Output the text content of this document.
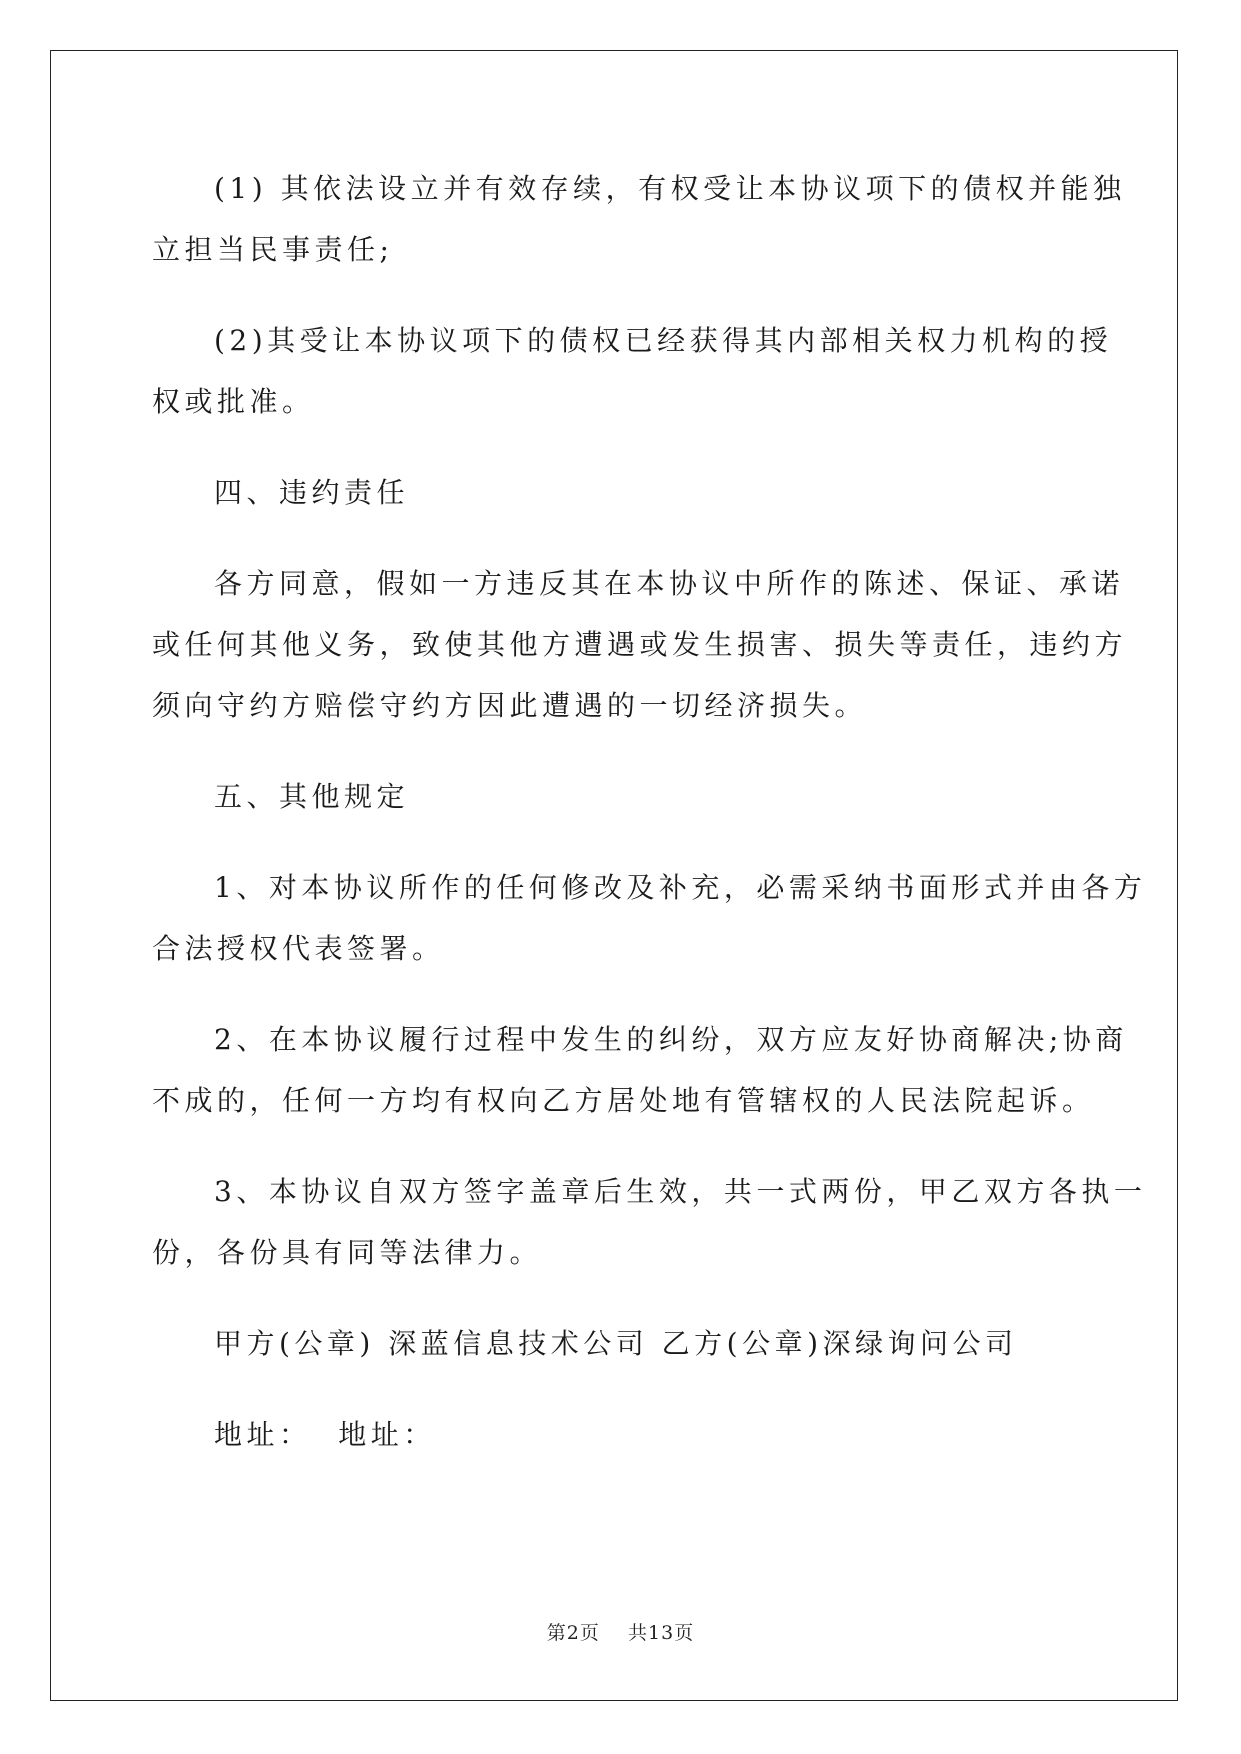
(1) 其依法设立并有效存续，有权受让本协议项下的债权并能独
立担当民事责任;

(2)其受让本协议项下的债权已经获得其内部相关权力机构的授
权或批准。

四、违约责任

各方同意，假如一方违反其在本协议中所作的陈述、保证、承诺
或任何其他义务，致使其他方遭遇或发生损害、损失等责任，违约方
须向守约方赔偿守约方因此遭遇的一切经济损失。

五、其他规定

1、对本协议所作的任何修改及补充，必需采纳书面形式并由各方
合法授权代表签署。

2、在本协议履行过程中发生的纠纷，双方应友好协商解决;协商
不成的，任何一方均有权向乙方居处地有管辖权的人民法院起诉。

3、本协议自双方签字盖章后生效，共一式两份，甲乙双方各执一
份，各份具有同等法律力。

甲方(公章) 深蓝信息技术公司 乙方(公章)深绿询问公司

地址：  地址：

第2页    共13页
